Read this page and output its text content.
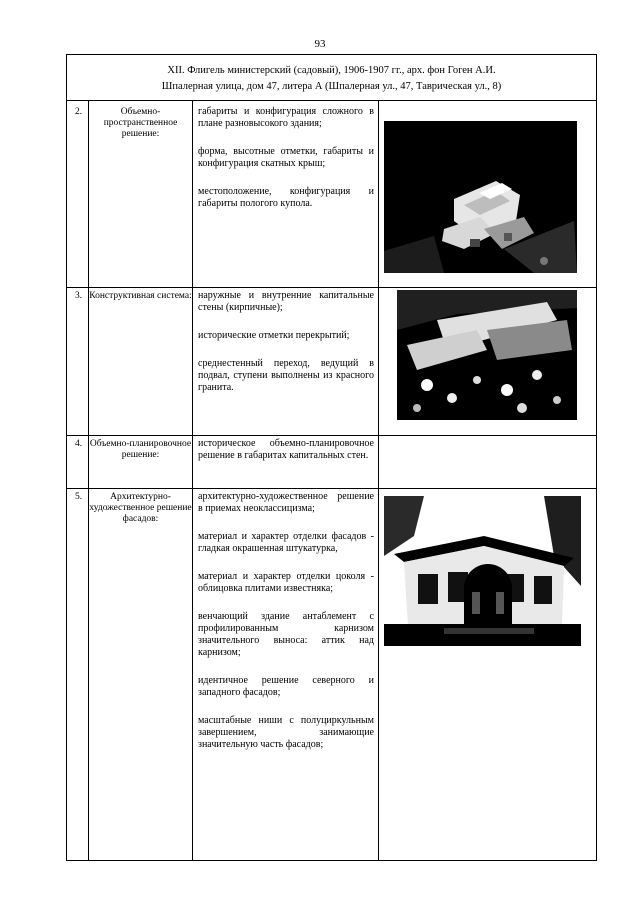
93
XII. Флигель министерский (садовый), 1906-1907 гг., арх. фон Гоген А.И.
Шпалерная улица, дом 47, литера А (Шпалерная ул., 47, Таврическая ул., 8)
2.	Объемно-пространственное решение:

габариты и конфигурация сложного в плане разновысокого здания;

форма, высотные отметки, габариты и конфигурация скатных крыш;

местоположение, конфигурация и габариты пологого купола.

3. Конструктивная система: наружные и внутренние капитальные стены (кирпичные);

исторические отметки перекрытий;

среднестенный переход, ведущий в подвал, ступени выполнены из красного гранита.

4. Объемно-планировочное решение:

историческое объемно-планировочное решение в габаритах капитальных стен.

5.	Архитектурно-художественное решение фасадов:

архитектурно-художественное решение в приемах неоклассицизма;

материал и характер отделки фасадов - гладкая окрашенная штукатурка,

материал и характер отделки цоколя - облицовка плитами известняка;

венчающий здание антаблемент с профилированным карнизом значительного выноса: аттик над карнизом;

идентичное решение северного и западного фасадов;

масштабные ниши с полуциркульным завершением, занимающие значительную часть фасадов;
